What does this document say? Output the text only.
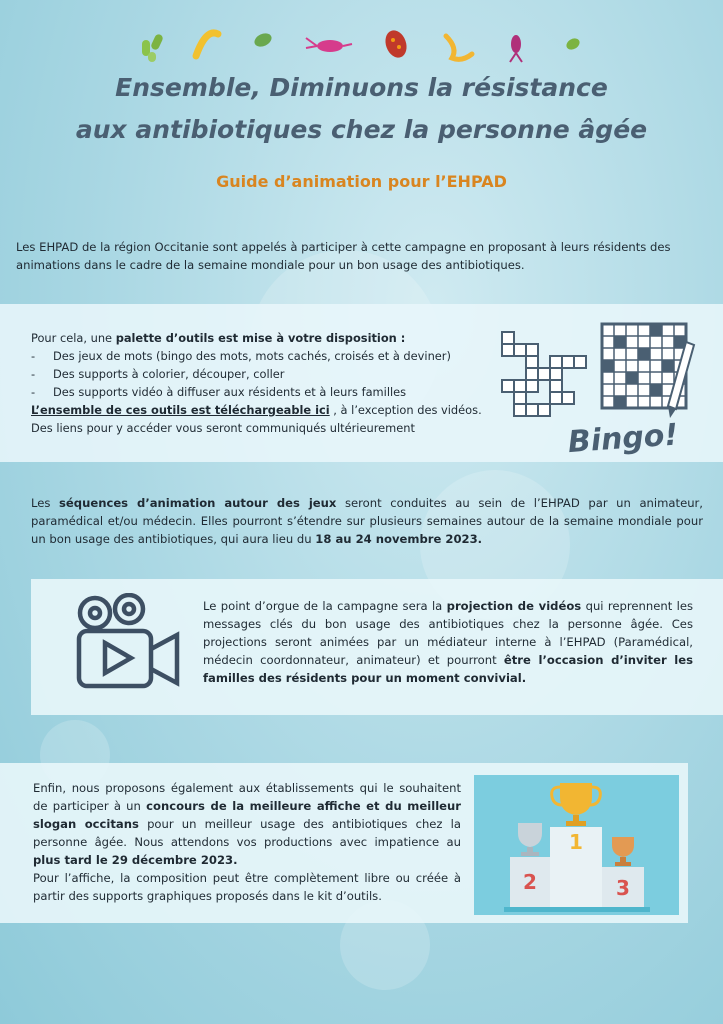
Ensemble, Diminuons la résistance
aux antibiotiques chez la personne âgée
Guide d’animation pour l’EHPAD
Les EHPAD de la région Occitanie sont appelés à participer à cette campagne en proposant à leurs résidents des animations dans le cadre de la semaine mondiale pour un bon usage des antibiotiques.
Pour cela, une palette d’outils est mise à votre disposition :
- Des jeux de mots (bingo des mots, mots cachés, croisés et à deviner)
- Des supports à colorier, découper, coller
- Des supports vidéo à diffuser aux résidents et à leurs familles
L’ensemble de ces outils est téléchargeable ici , à l’exception des vidéos.
Des liens pour y accéder vous seront communiqués ultérieurement	Bingo!
Les séquences d’animation autour des jeux seront conduites au sein de l’EHPAD par un animateur, paramédical et/ou médecin. Elles pourront s’étendre sur plusieurs semaines autour de la semaine mondiale pour un bon usage des antibiotiques, qui aura lieu du 18 au 24 novembre 2023.
Le point d’orgue de la campagne sera la projection de vidéos qui reprennent les messages clés du bon usage des antibiotiques chez la personne âgée. Ces projections seront animées par un médiateur interne à l’EHPAD (Paramédical, médecin coordonnateur, animateur) et pourront être l’occasion d’inviter les familles des résidents pour un moment convivial.
Enfin, nous proposons également aux établissements qui le souhaitent de participer à un concours de la meilleure affiche et du meilleur slogan occitans pour un meilleur usage des antibiotiques chez la personne âgée. Nous attendons vos productions avec impatience au plus tard le 29 décembre 2023.
Pour l’affiche, la composition peut être complètement libre ou créée à partir des supports graphiques proposés dans le kit d’outils.
1
2	3
